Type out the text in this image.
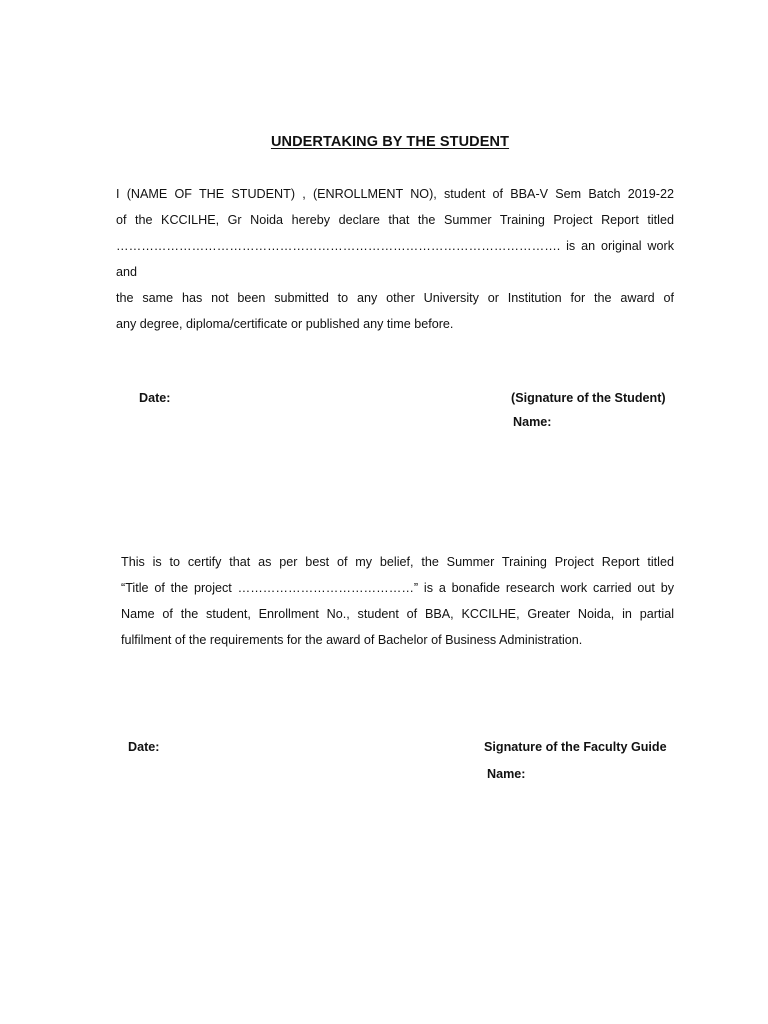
UNDERTAKING BY THE STUDENT
I (NAME OF THE STUDENT) , (ENROLLMENT NO), student of BBA-V Sem Batch 2019-22
of the KCCILHE, Gr Noida hereby declare that the Summer Training Project Report titled
……………………………………………………………………………………………. is an original work and
the same has not been submitted to any other University or Institution for the award of
any degree, diploma/certificate or published any time before.
Date:	(Signature of the Student)
Name:
This is to certify that as per best of my belief, the Summer Training Project Report titled
“Title of the project ……………………………………” is a bonafide research work carried out by
Name of the student, Enrollment No., student of BBA, KCCILHE, Greater Noida, in partial
fulfilment of the requirements for the award of Bachelor of Business Administration.
Date:	Signature of the Faculty Guide
Name:
